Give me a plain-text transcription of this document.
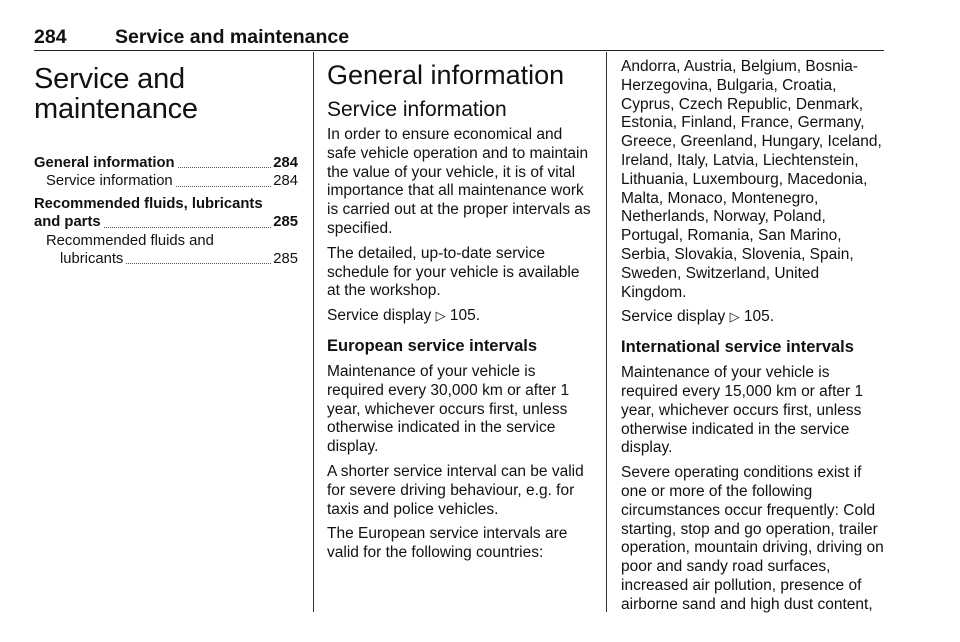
284 Service and maintenance
Service and maintenance
General information	284
Service information	284
Recommended fluids, lubricants
and parts	285
Recommended fluids and
lubricants	285
General information
Service information

In order to ensure economical and safe vehicle operation and to maintain the value of your vehicle, it is of vital importance that all maintenance work is carried out at the proper intervals as specified.

The detailed, up-to-date service schedule for your vehicle is available at the workshop.

Service display ▷ 105.

European service intervals

Maintenance of your vehicle is required every 30,000 km or after 1 year, whichever occurs first, unless otherwise indicated in the service display.

A shorter service interval can be valid for severe driving behaviour, e.g. for taxis and police vehicles.

The European service intervals are valid for the following countries:

Andorra, Austria, Belgium, Bosnia-Herzegovina, Bulgaria, Croatia, Cyprus, Czech Republic, Denmark, Estonia, Finland, France, Germany, Greece, Greenland, Hungary, Iceland, Ireland, Italy, Latvia, Liechtenstein, Lithuania, Luxembourg, Macedonia, Malta, Monaco, Montenegro, Netherlands, Norway, Poland, Portugal, Romania, San Marino, Serbia, Slovakia, Slovenia, Spain, Sweden, Switzerland, United Kingdom.

Service display ▷ 105.

International service intervals

Maintenance of your vehicle is required every 15,000 km or after 1 year, whichever occurs first, unless otherwise indicated in the service display.

Severe operating conditions exist if one or more of the following circumstances occur frequently: Cold starting, stop and go operation, trailer operation, mountain driving, driving on poor and sandy road surfaces, increased air pollution, presence of airborne sand and high dust content,
